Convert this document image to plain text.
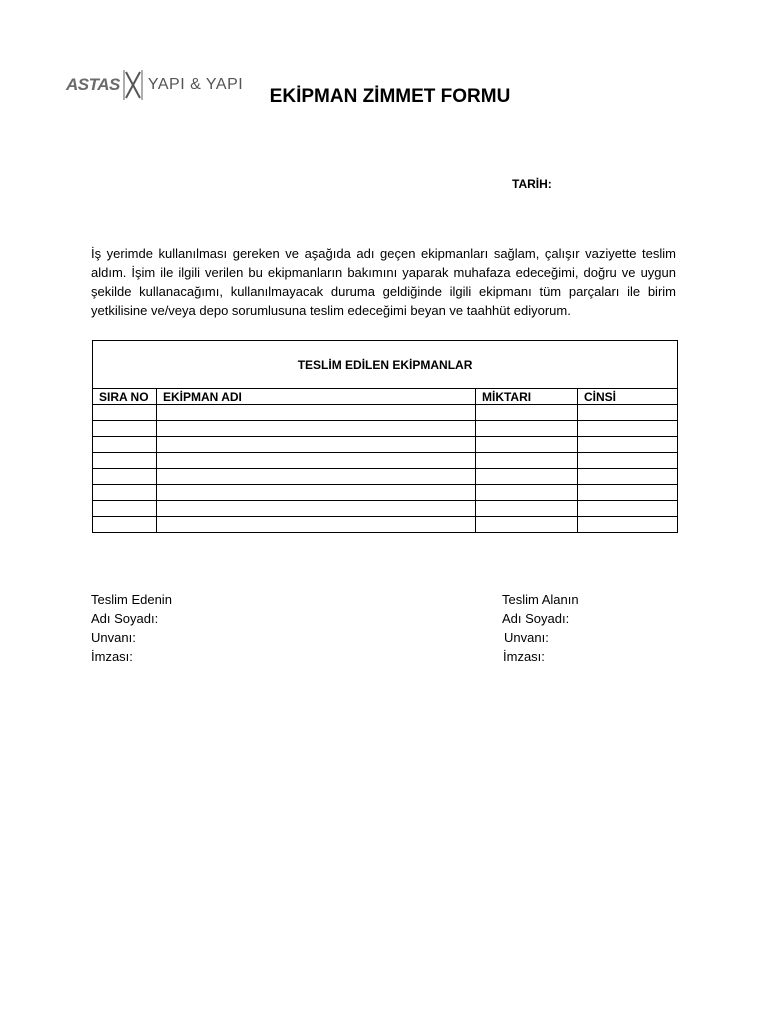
ASTAS YAPI & YAPI
EKİPMAN ZİMMET FORMU
TARİH:
İş yerimde kullanılması gereken ve aşağıda adı geçen ekipmanları sağlam, çalışır vaziyette teslim aldım. İşim ile ilgili verilen bu ekipmanların bakımını yaparak muhafaza edeceğimi, doğru ve uygun şekilde kullanacağımı, kullanılmayacak duruma geldiğinde ilgili ekipmanı tüm parçaları ile birim yetkilisine ve/veya depo sorumlusuna teslim edeceğimi beyan ve taahhüt ediyorum.
TESLİM EDİLEN EKİPMANLAR			
SIRA NO	EKİPMAN ADI	MİKTARI	CİNSİ

Teslim Edenin
Adı Soyadı:
Unvanı:
İmzası:
Teslim Alanın
Adı Soyadı:
Unvanı:
İmzası:
